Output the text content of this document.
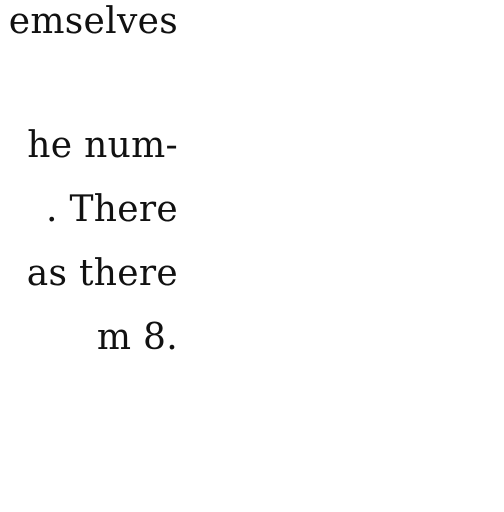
emselves
he num-
. There
as there
m 8.
